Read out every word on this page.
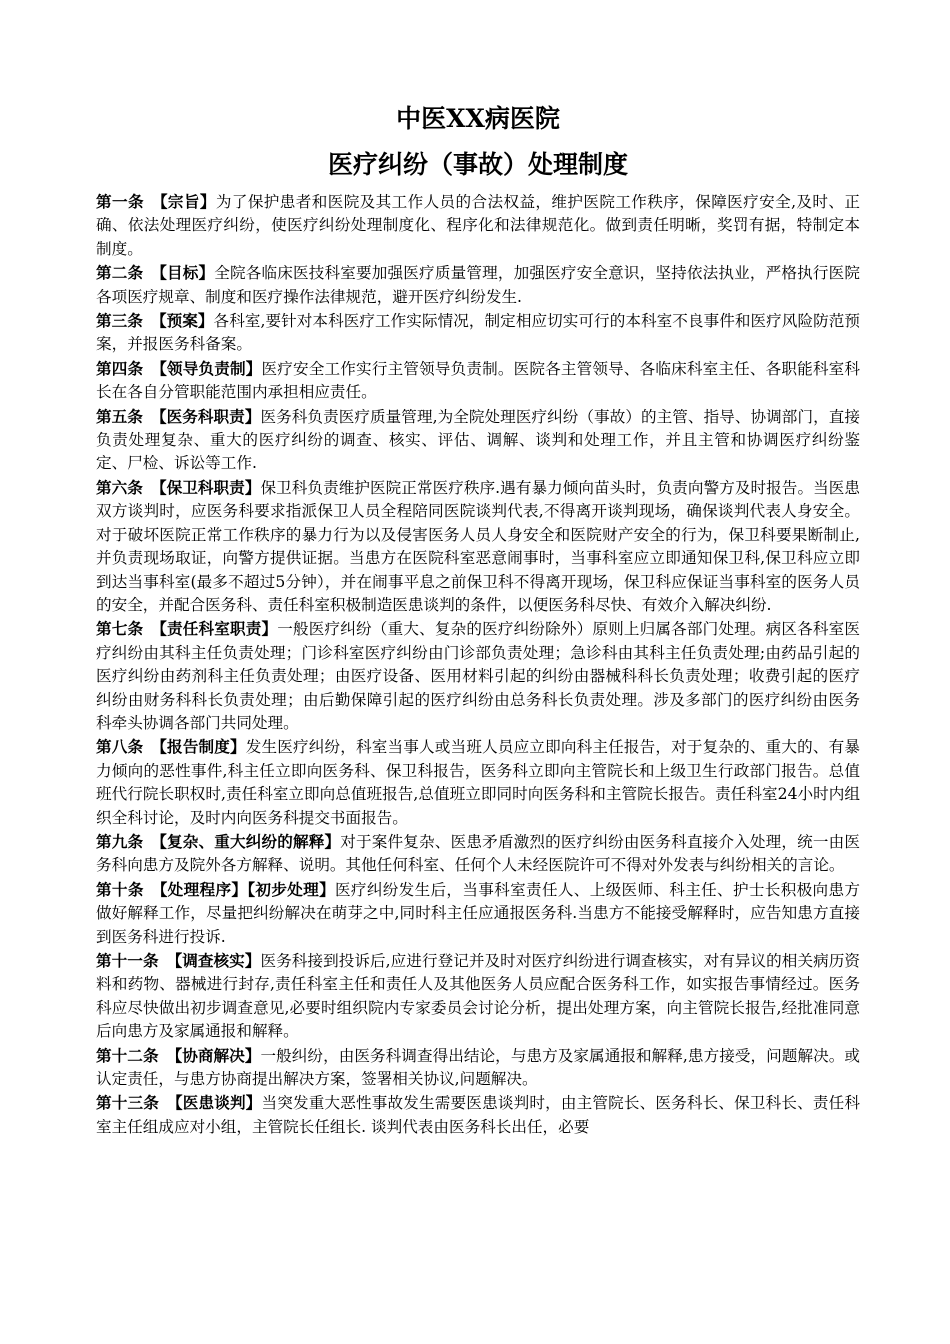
中医XX病医院
医疗纠纷（事故）处理制度

第一条 【宗旨】为了保护患者和医院及其工作人员的合法权益，维护医院工作秩序，保障医疗安全,及时、正确、依法处理医疗纠纷，使医疗纠纷处理制度化、程序化和法律规范化。做到责任明晰，奖罚有据，特制定本制度。

第二条 【目标】全院各临床医技科室要加强医疗质量管理，加强医疗安全意识，坚持依法执业，严格执行医院各项医疗规章、制度和医疗操作法律规范，避开医疗纠纷发生.

第三条 【预案】各科室,要针对本科医疗工作实际情况，制定相应切实可行的本科室不良事件和医疗风险防范预案，并报医务科备案。

第四条 【领导负责制】医疗安全工作实行主管领导负责制。医院各主管领导、各临床科室主任、各职能科室科长在各自分管职能范围内承担相应责任。

第五条 【医务科职责】医务科负责医疗质量管理,为全院处理医疗纠纷（事故）的主管、指导、协调部门，直接负责处理复杂、重大的医疗纠纷的调查、核实、评估、调解、谈判和处理工作，并且主管和协调医疗纠纷鉴定、尸检、诉讼等工作.

第六条 【保卫科职责】保卫科负责维护医院正常医疗秩序.遇有暴力倾向苗头时，负责向警方及时报告。当医患双方谈判时，应医务科要求指派保卫人员全程陪同医院谈判代表,不得离开谈判现场，确保谈判代表人身安全。对于破坏医院正常工作秩序的暴力行为以及侵害医务人员人身安全和医院财产安全的行为，保卫科要果断制止,并负责现场取证，向警方提供证据。当患方在医院科室恶意闹事时，当事科室应立即通知保卫科,保卫科应立即到达当事科室(最多不超过5分钟），并在闹事平息之前保卫科不得离开现场，保卫科应保证当事科室的医务人员的安全，并配合医务科、责任科室积极制造医患谈判的条件，以便医务科尽快、有效介入解决纠纷.

第七条 【责任科室职责】一般医疗纠纷（重大、复杂的医疗纠纷除外）原则上归属各部门处理。病区各科室医疗纠纷由其科主任负责处理；门诊科室医疗纠纷由门诊部负责处理；急诊科由其科主任负责处理;由药品引起的医疗纠纷由药剂科主任负责处理；由医疗设备、医用材料引起的纠纷由器械科科长负责处理；收费引起的医疗纠纷由财务科科长负责处理；由后勤保障引起的医疗纠纷由总务科长负责处理。涉及多部门的医疗纠纷由医务科牵头协调各部门共同处理。

第八条 【报告制度】发生医疗纠纷，科室当事人或当班人员应立即向科主任报告，对于复杂的、重大的、有暴力倾向的恶性事件,科主任立即向医务科、保卫科报告，医务科立即向主管院长和上级卫生行政部门报告。总值班代行院长职权时,责任科室立即向总值班报告,总值班立即同时向医务科和主管院长报告。责任科室24小时内组织全科讨论，及时内向医务科提交书面报告。

第九条 【复杂、重大纠纷的解释】对于案件复杂、医患矛盾激烈的医疗纠纷由医务科直接介入处理，统一由医务科向患方及院外各方解释、说明。其他任何科室、任何个人未经医院许可不得对外发表与纠纷相关的言论。

第十条 【处理程序】【初步处理】医疗纠纷发生后，当事科室责任人、上级医师、科主任、护士长积极向患方做好解释工作，尽量把纠纷解决在萌芽之中,同时科主任应通报医务科.当患方不能接受解释时，应告知患方直接到医务科进行投诉.

第十一条 【调查核实】医务科接到投诉后,应进行登记并及时对医疗纠纷进行调查核实，对有异议的相关病历资料和药物、器械进行封存,责任科室主任和责任人及其他医务人员应配合医务科工作，如实报告事情经过。医务科应尽快做出初步调查意见,必要时组织院内专家委员会讨论分析，提出处理方案，向主管院长报告,经批准同意后向患方及家属通报和解释。

第十二条 【协商解决】一般纠纷，由医务科调查得出结论，与患方及家属通报和解释,患方接受，问题解决。或认定责任，与患方协商提出解决方案，签署相关协议,问题解决。

第十三条 【医患谈判】当突发重大恶性事故发生需要医患谈判时，由主管院长、医务科长、保卫科长、责任科室主任组成应对小组，主管院长任组长. 谈判代表由医务科长出任，必要
